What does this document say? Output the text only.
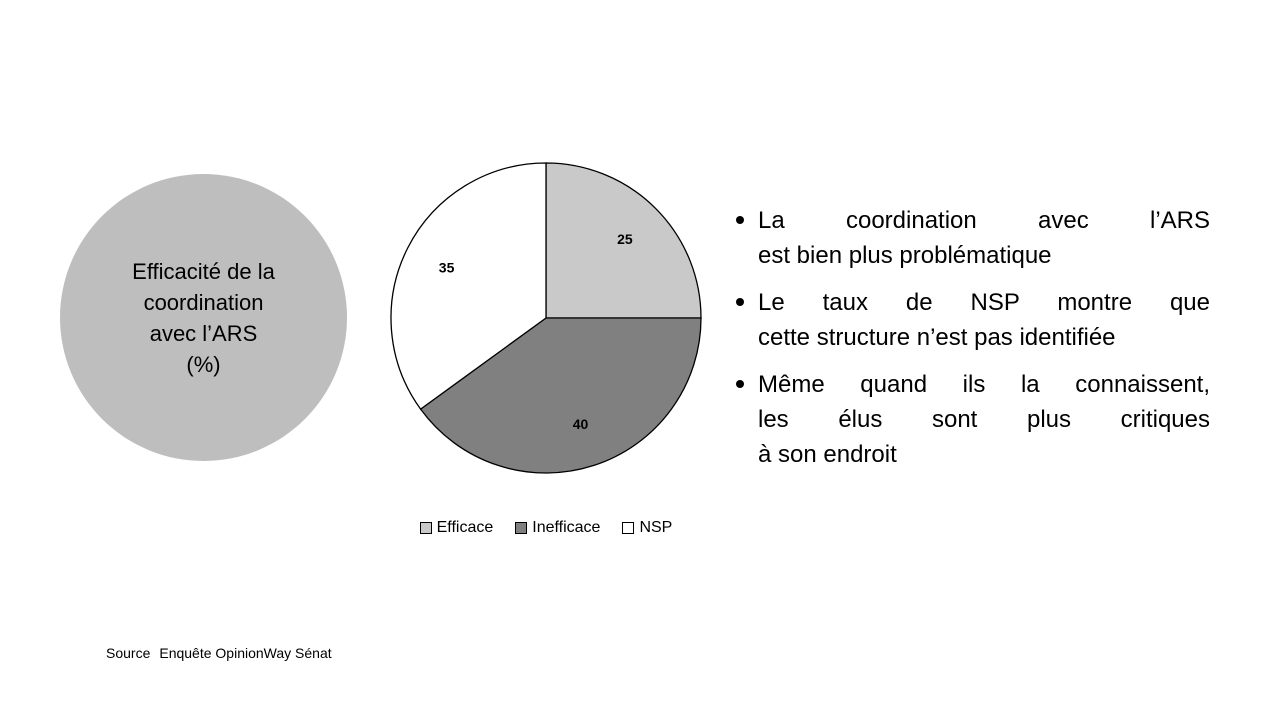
Efficacité de la
coordination
avec l’ARS
(%)
25
40
35
Efficace Inefficace NSP
La coordination avec l’ARS
est bien plus problématique
Le taux de NSP montre que
cette structure n’est pas identifiée
Même quand ils la connaissent,
les élus sont plus critiques
à son endroit
Source Enquête OpinionWay Sénat
